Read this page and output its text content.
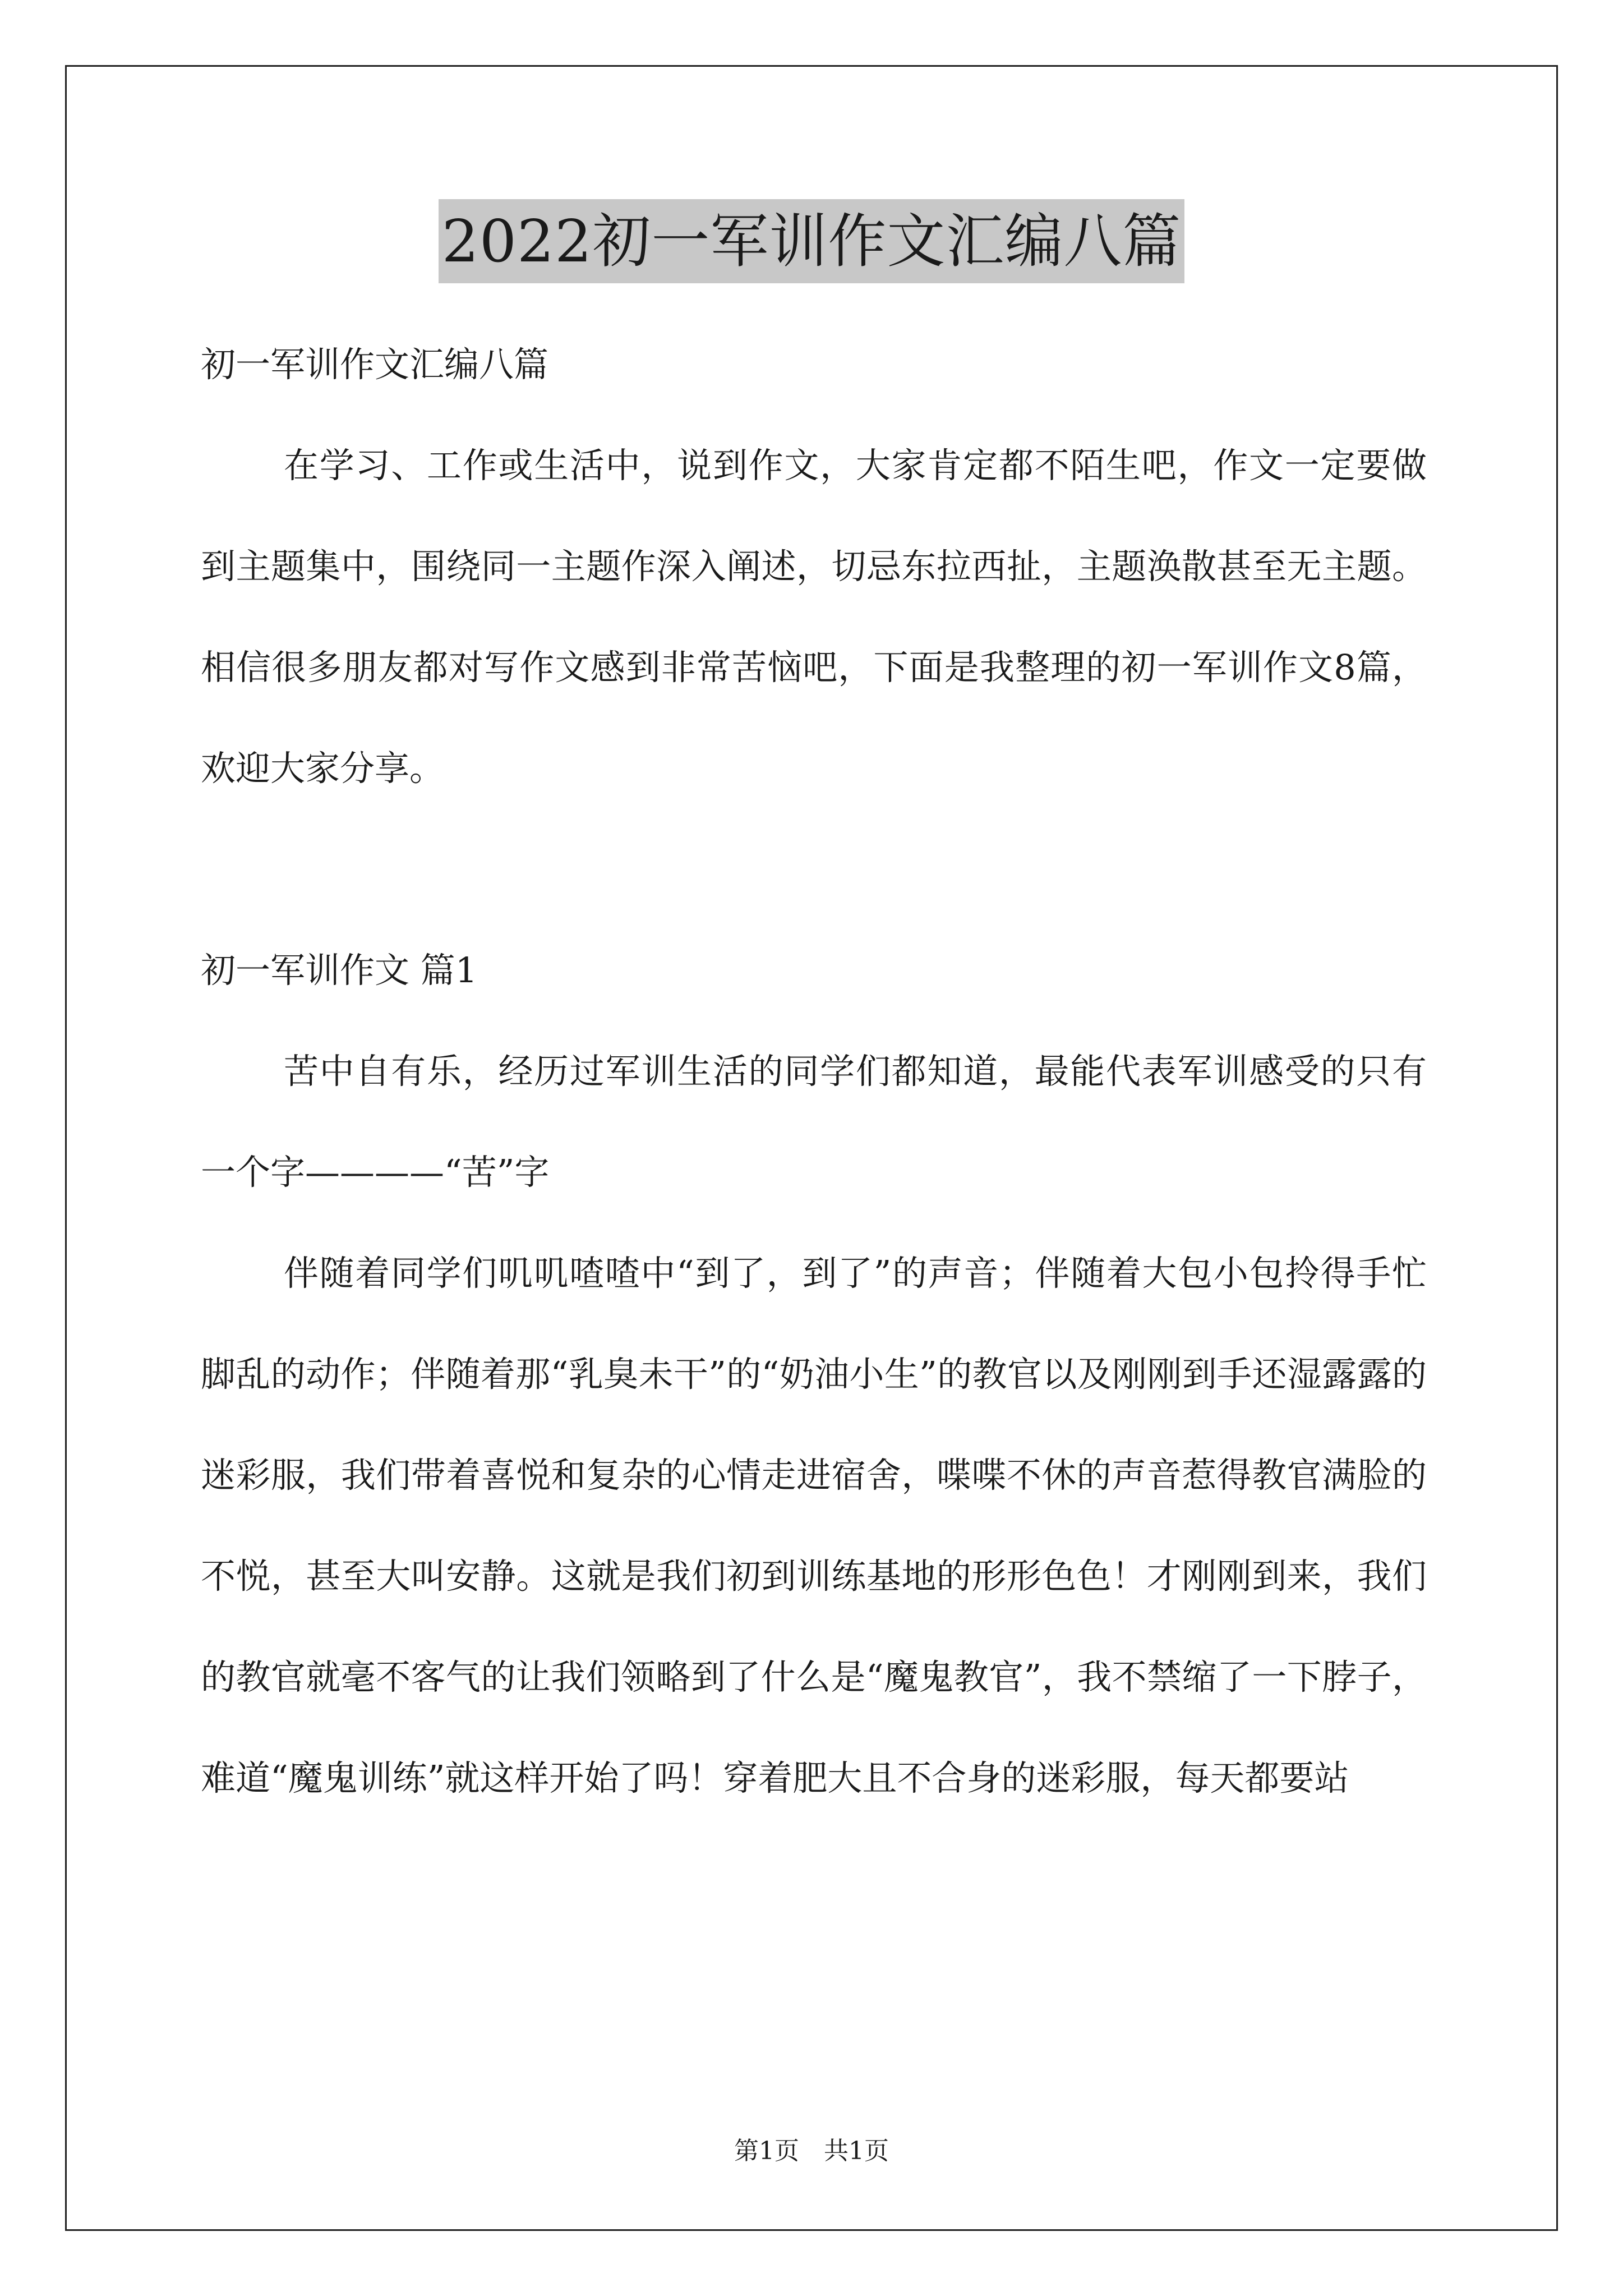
2022初一军训作文汇编八篇

初一军训作文汇编八篇

在学习、工作或生活中，说到作文，大家肯定都不陌生吧，作文一定要做到主题集中，围绕同一主题作深入阐述，切忌东拉西扯，主题涣散甚至无主题。相信很多朋友都对写作文感到非常苦恼吧，下面是我整理的初一军训作文8篇，欢迎大家分享。

初一军训作文 篇1

苦中自有乐，经历过军训生活的同学们都知道，最能代表军训感受的只有一个字————“苦”字

伴随着同学们叽叽喳喳中“到了，到了”的声音；伴随着大包小包拎得手忙脚乱的动作；伴随着那“乳臭未干”的“奶油小生”的教官以及刚刚到手还湿露露的迷彩服，我们带着喜悦和复杂的心情走进宿舍，喋喋不休的声音惹得教官满脸的不悦，甚至大叫安静。这就是我们初到训练基地的形形色色！才刚刚到来，我们的教官就毫不客气的让我们领略到了什么是“魔鬼教官”，我不禁缩了一下脖子，难道“魔鬼训练”就这样开始了吗！穿着肥大且不合身的迷彩服，每天都要站

第1页　共1页
